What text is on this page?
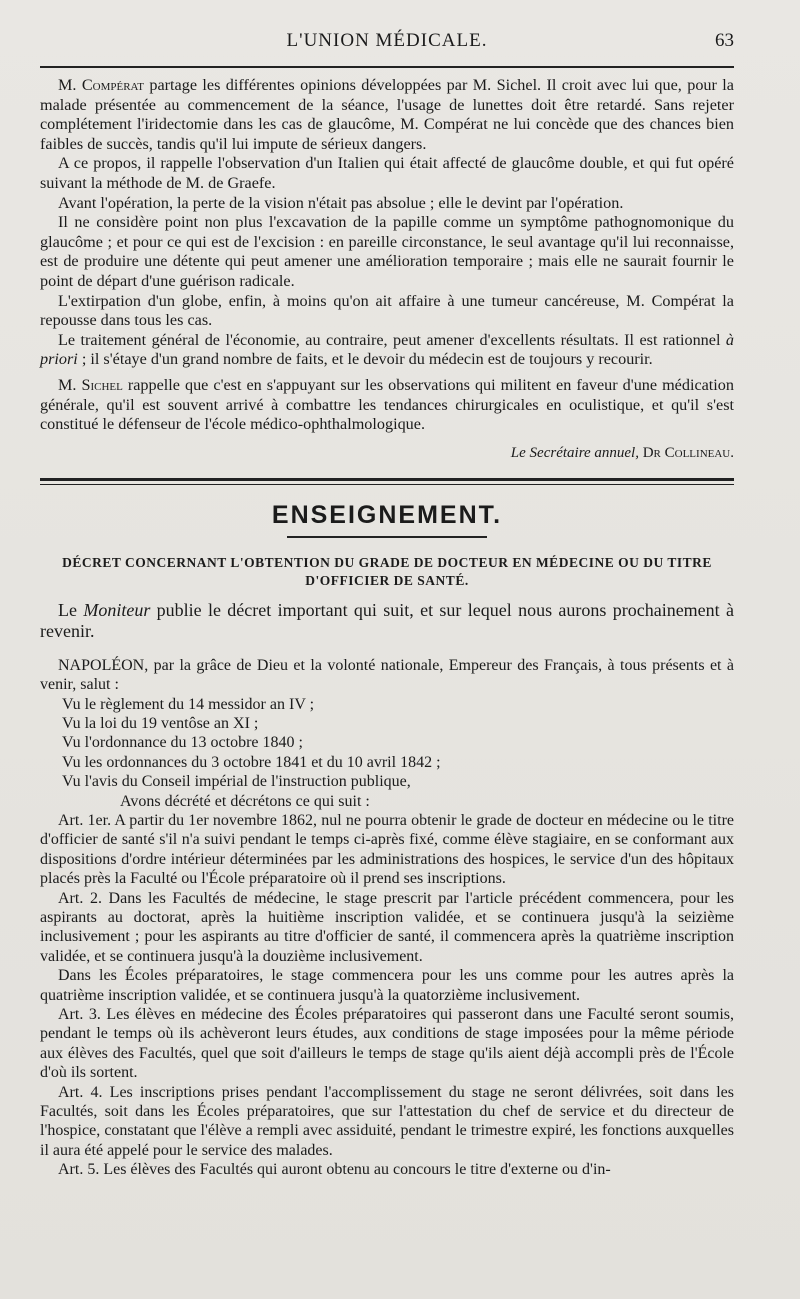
L'UNION MÉDICALE.	63

M. Compérat partage les différentes opinions développées par M. Sichel. Il croit avec lui que, pour la malade présentée au commencement de la séance, l'usage de lunettes doit être retardé. Sans rejeter complétement l'iridectomie dans les cas de glaucôme, M. Compérat ne lui concède que des chances bien faibles de succès, tandis qu'il lui impute de sérieux dangers.

A ce propos, il rappelle l'observation d'un Italien qui était affecté de glaucôme double, et qui fut opéré suivant la méthode de M. de Graefe.

Avant l'opération, la perte de la vision n'était pas absolue ; elle le devint par l'opération.

Il ne considère point non plus l'excavation de la papille comme un symptôme pathognomonique du glaucôme ; et pour ce qui est de l'excision : en pareille circonstance, le seul avantage qu'il lui reconnaisse, est de produire une détente qui peut amener une amélioration temporaire ; mais elle ne saurait fournir le point de départ d'une guérison radicale.

L'extirpation d'un globe, enfin, à moins qu'on ait affaire à une tumeur cancéreuse, M. Compérat la repousse dans tous les cas.

Le traitement général de l'économie, au contraire, peut amener d'excellents résultats. Il est rationnel à priori ; il s'étaye d'un grand nombre de faits, et le devoir du médecin est de toujours y recourir.

M. Sichel rappelle que c'est en s'appuyant sur les observations qui militent en faveur d'une médication générale, qu'il est souvent arrivé à combattre les tendances chirurgicales en oculistique, et qu'il s'est constitué le défenseur de l'école médico-ophthalmologique.

Le Secrétaire annuel, Dr Collineau.
ENSEIGNEMENT.
DÉCRET CONCERNANT L'OBTENTION DU GRADE DE DOCTEUR EN MÉDECINE OU DU TITRE
D'OFFICIER DE SANTÉ.

Le Moniteur publie le décret important qui suit, et sur lequel nous aurons prochainement à revenir.

NAPOLÉON, par la grâce de Dieu et la volonté nationale, Empereur des Français, à tous présents et à venir, salut :

Vu le règlement du 14 messidor an IV ;

Vu la loi du 19 ventôse an XI ;

Vu l'ordonnance du 13 octobre 1840 ;

Vu les ordonnances du 3 octobre 1841 et du 10 avril 1842 ;

Vu l'avis du Conseil impérial de l'instruction publique,

Avons décrété et décrétons ce qui suit :

Art. 1er. A partir du 1er novembre 1862, nul ne pourra obtenir le grade de docteur en médecine ou le titre d'officier de santé s'il n'a suivi pendant le temps ci-après fixé, comme élève stagiaire, en se conformant aux dispositions d'ordre intérieur déterminées par les administrations des hospices, le service d'un des hôpitaux placés près la Faculté ou l'École préparatoire où il prend ses inscriptions.

Art. 2. Dans les Facultés de médecine, le stage prescrit par l'article précédent commencera, pour les aspirants au doctorat, après la huitième inscription validée, et se continuera jusqu'à la seizième inclusivement ; pour les aspirants au titre d'officier de santé, il commencera après la quatrième inscription validée, et se continuera jusqu'à la douzième inclusivement.

Dans les Écoles préparatoires, le stage commencera pour les uns comme pour les autres après la quatrième inscription validée, et se continuera jusqu'à la quatorzième inclusivement.

Art. 3. Les élèves en médecine des Écoles préparatoires qui passeront dans une Faculté seront soumis, pendant le temps où ils achèveront leurs études, aux conditions de stage imposées pour la même période aux élèves des Facultés, quel que soit d'ailleurs le temps de stage qu'ils aient déjà accompli près de l'École d'où ils sortent.

Art. 4. Les inscriptions prises pendant l'accomplissement du stage ne seront délivrées, soit dans les Facultés, soit dans les Écoles préparatoires, que sur l'attestation du chef de service et du directeur de l'hospice, constatant que l'élève a rempli avec assiduité, pendant le trimestre expiré, les fonctions auxquelles il aura été appelé pour le service des malades.

Art. 5. Les élèves des Facultés qui auront obtenu au concours le titre d'externe ou d'in-
